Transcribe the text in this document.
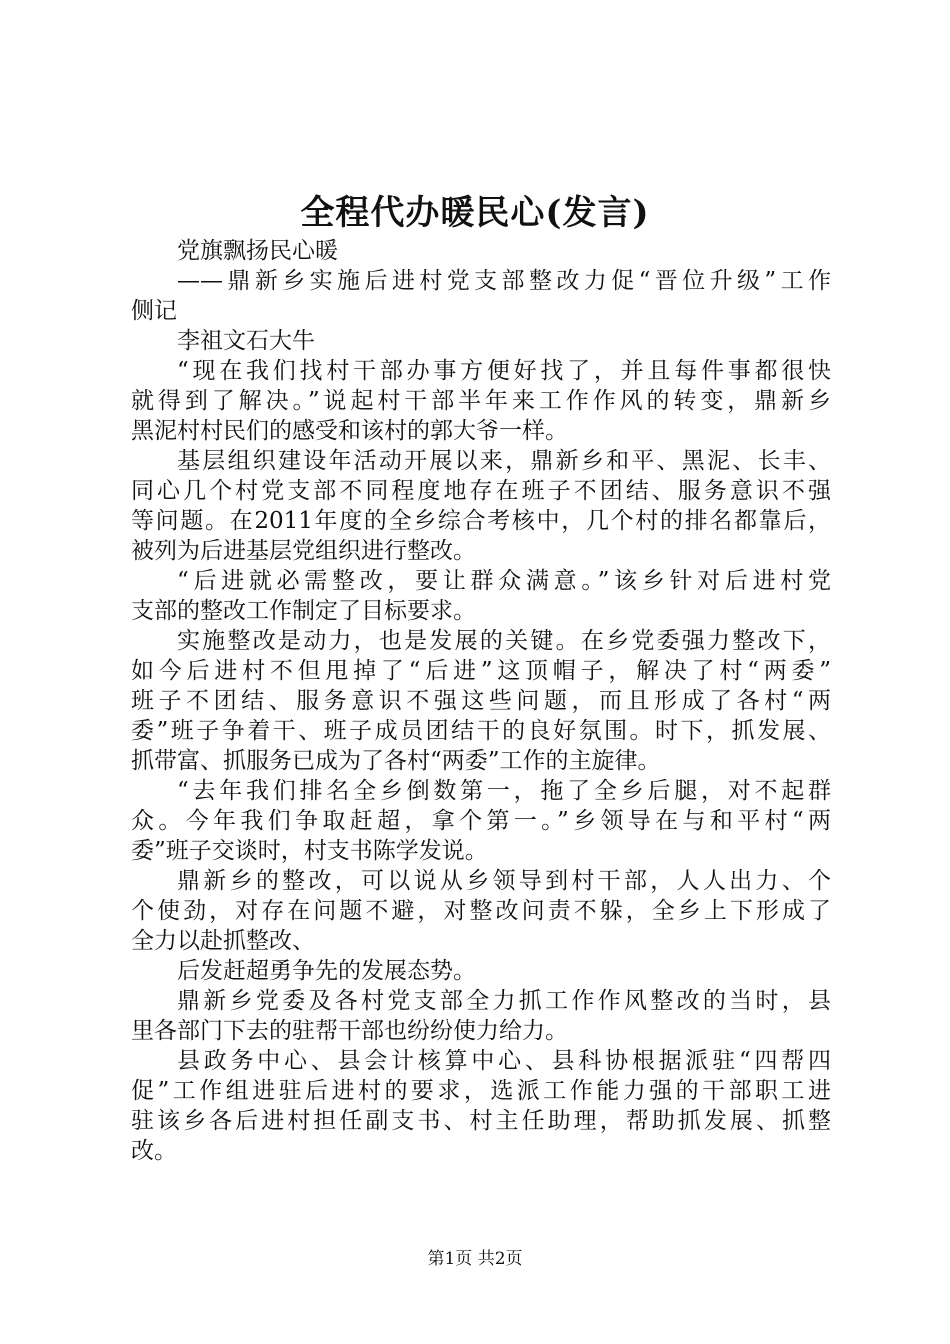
全程代办暖民心(发言)
党旗飘扬民心暖
——鼎新乡实施后进村党支部整改力促“晋位升级”工作
侧记
李祖文石大牛
“现在我们找村干部办事方便好找了，并且每件事都很快
就得到了解决。”说起村干部半年来工作作风的转变，鼎新乡
黑泥村村民们的感受和该村的郭大爷一样。
基层组织建设年活动开展以来，鼎新乡和平、黑泥、长丰、
同心几个村党支部不同程度地存在班子不团结、服务意识不强
等问题。在2011年度的全乡综合考核中，几个村的排名都靠后，
被列为后进基层党组织进行整改。
“后进就必需整改，要让群众满意。”该乡针对后进村党
支部的整改工作制定了目标要求。
实施整改是动力，也是发展的关键。在乡党委强力整改下，
如今后进村不但甩掉了“后进”这顶帽子，解决了村“两委”
班子不团结、服务意识不强这些问题，而且形成了各村“两
委”班子争着干、班子成员团结干的良好氛围。时下，抓发展、
抓带富、抓服务已成为了各村“两委”工作的主旋律。
“去年我们排名全乡倒数第一，拖了全乡后腿，对不起群
众。今年我们争取赶超，拿个第一。”乡领导在与和平村“两
委”班子交谈时，村支书陈学发说。
鼎新乡的整改，可以说从乡领导到村干部，人人出力、个
个使劲，对存在问题不避，对整改问责不躲，全乡上下形成了
全力以赴抓整改、
后发赶超勇争先的发展态势。
鼎新乡党委及各村党支部全力抓工作作风整改的当时，县
里各部门下去的驻帮干部也纷纷使力给力。
县政务中心、县会计核算中心、县科协根据派驻“四帮四
促”工作组进驻后进村的要求，选派工作能力强的干部职工进
驻该乡各后进村担任副支书、村主任助理，帮助抓发展、抓整
改。
第1页 共2页
